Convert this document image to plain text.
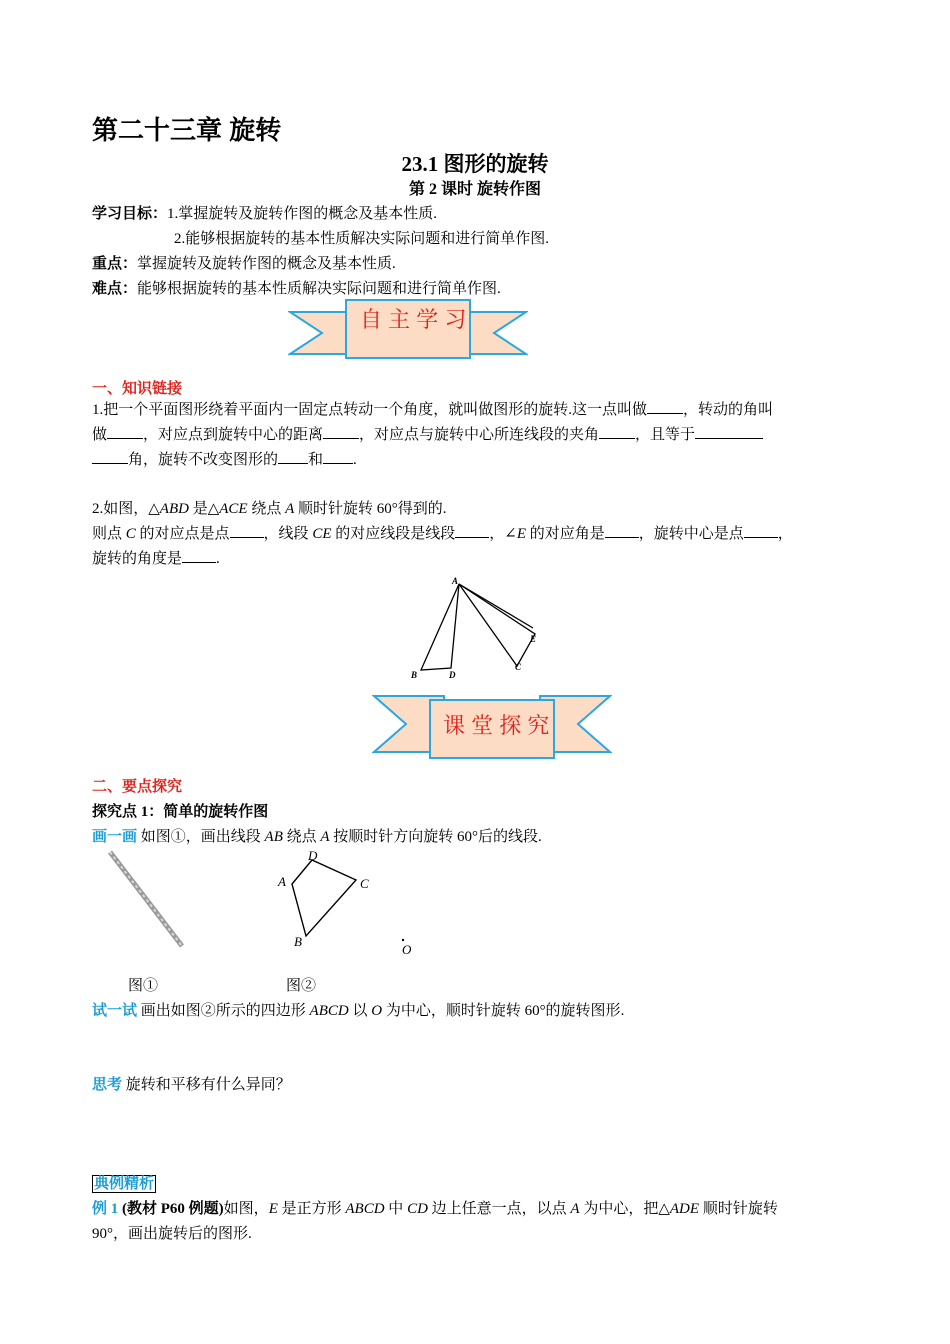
第二十三章 旋转
23.1 图形的旋转
第 2 课时 旋转作图
学习目标：1.掌握旋转及旋转作图的概念及基本性质.
2.能够根据旋转的基本性质解决实际问题和进行简单作图.
重点：掌握旋转及旋转作图的概念及基本性质.
难点：能够根据旋转的基本性质解决实际问题和进行简单作图.
自 主 学 习
一、知识链接
1.把一个平面图形绕着平面内一固定点转动一个角度，就叫做图形的旋转.这一点叫做 ，转动的角叫
做 ，对应点到旋转中心的距离 ，对应点与旋转中心所连线段的夹角 ，且等于
角，旋转不改变图形的 和 .
2.如图，△ABD 是△ACE 绕点 A 顺时针旋转 60°得到的.
则点 C 的对应点是点 ，线段 CE 的对应线段是线段 ，∠E 的对应角是 ，旋转中心是点 ，
旋转的角度是 .
A
B	D
E
C
课 堂 探 究
二、要点探究
探究点 1：简单的旋转作图
画一画 如图①，画出线段 AB 绕点 A 按顺时针方向旋转 60°后的线段.
A
B
C
D
O
图①	图②
试一试 画出如图②所示的四边形 ABCD 以 O 为中心，顺时针旋转 60°的旋转图形.
思考 旋转和平移有什么异同？
典例精析
例 1 (教材 P60 例题)如图，E 是正方形 ABCD 中 CD 边上任意一点，以点 A 为中心，把△ADE 顺时针旋转
90°，画出旋转后的图形.
